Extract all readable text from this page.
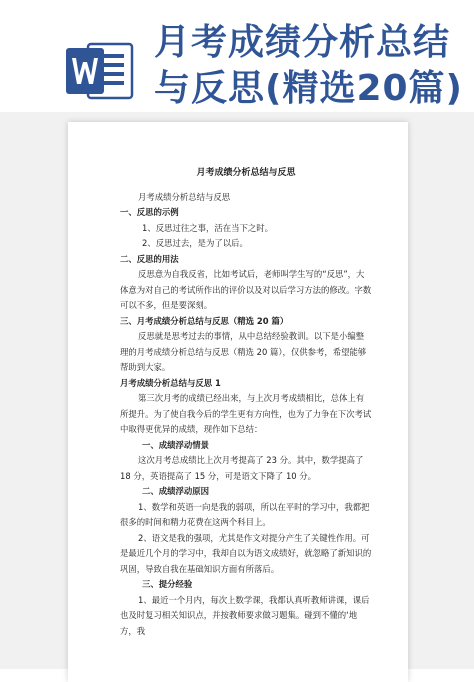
月考成绩分析总结
与反思(精选20篇)

月考成绩分析总结与反思

月考成绩分析总结与反思

一、反思的示例

1、反思过往之事，活在当下之时。

2、反思过去，是为了以后。

二、反思的用法

反思意为自我反省，比如考试后，老师叫学生写的“反思”，大体意为对自己的考试所作出的评价以及对以后学习方法的修改。字数可以不多，但是要深刻。

三、月考成绩分析总结与反思（精选 20 篇）

反思就是思考过去的事情，从中总结经验教训。以下是小编整理的月考成绩分析总结与反思（精选 20 篇），仅供参考，希望能够帮助到大家。

月考成绩分析总结与反思 1

第三次月考的成绩已经出来，与上次月考成绩相比，总体上有所提升。为了使自我今后的学生更有方向性，也为了力争在下次考试中取得更优异的成绩，现作如下总结：

一、成绩浮动情景

这次月考总成绩比上次月考提高了 23 分。其中，数学提高了 18 分，英语提高了 15 分，可是语文下降了 10 分。

二、成绩浮动原因

1、数学和英语一向是我的弱项，所以在平时的学习中，我都把很多的时间和精力花费在这两个科目上。

2、语文是我的强项，尤其是作文对提分产生了关键性作用。可是最近几个月的学习中，我却自以为语文成绩好，就忽略了新知识的巩固，导致自我在基础知识方面有所落后。

三、提分经验

1、最近一个月内，每次上数学课，我都认真听教师讲课，课后也及时复习相关知识点，并按教师要求做习题集。碰到不懂的‘地方，我
